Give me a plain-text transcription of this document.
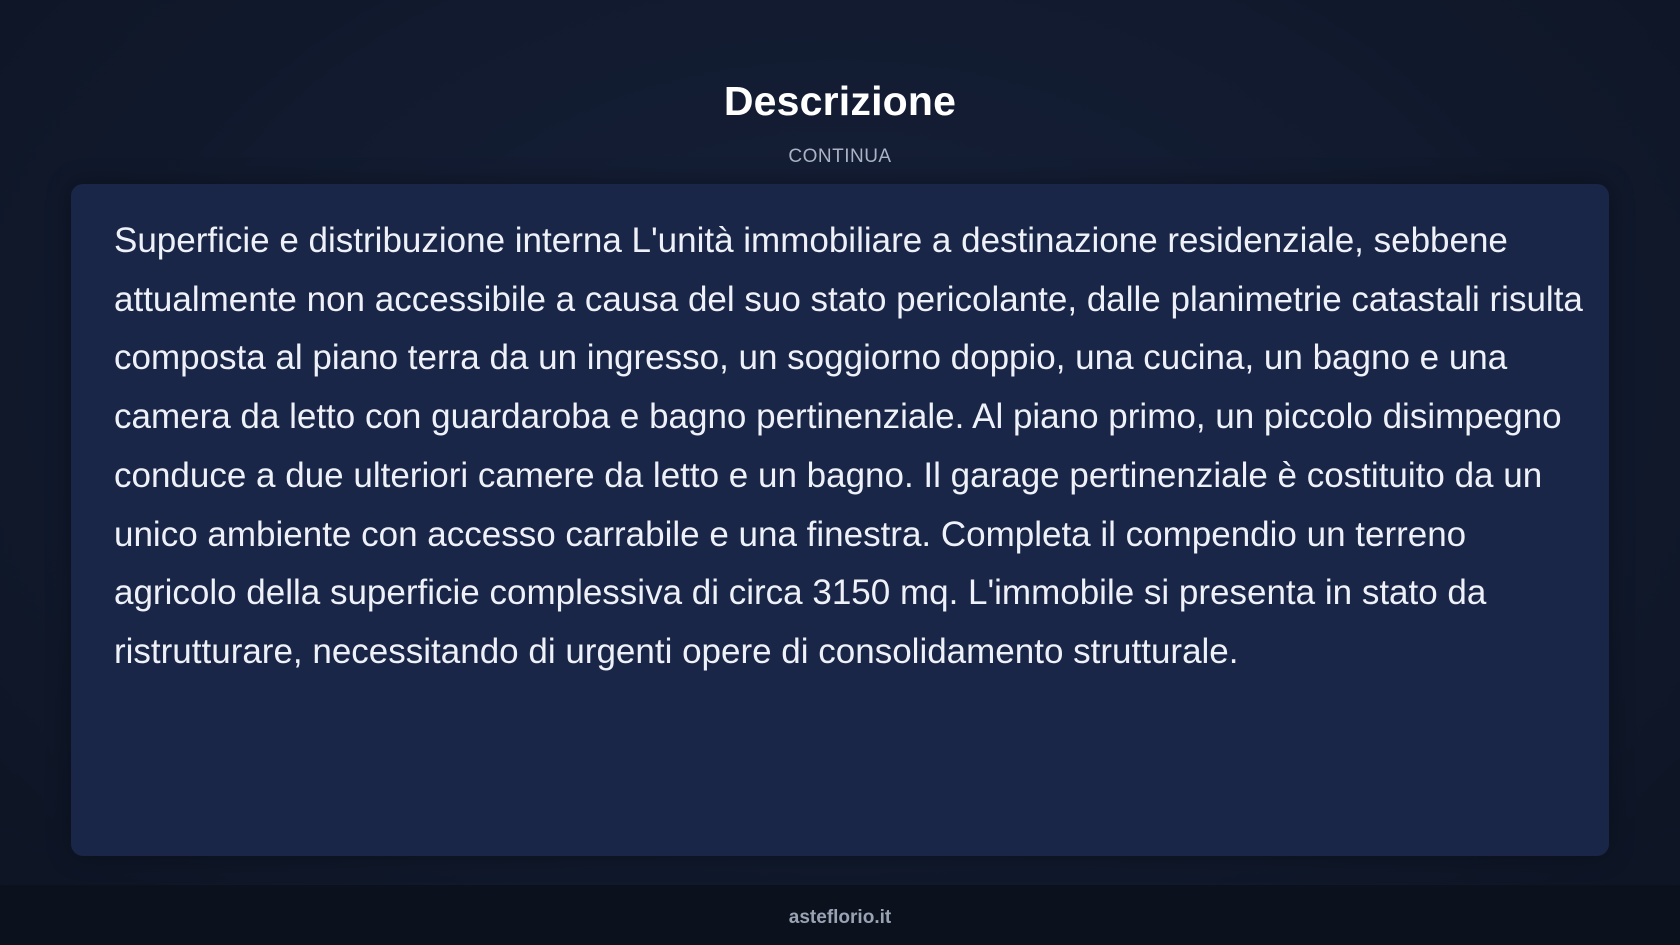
Descrizione
CONTINUA

Superficie e distribuzione interna L'unità immobiliare a destinazione residenziale, sebbene attualmente non accessibile a causa del suo stato pericolante, dalle planimetrie catastali risulta composta al piano terra da un ingresso, un soggiorno doppio, una cucina, un bagno e una camera da letto con guardaroba e bagno pertinenziale. Al piano primo, un piccolo disimpegno conduce a due ulteriori camere da letto e un bagno. Il garage pertinenziale è costituito da un unico ambiente con accesso carrabile e una finestra. Completa il compendio un terreno agricolo della superficie complessiva di circa 3150 mq. L'immobile si presenta in stato da ristrutturare, necessitando di urgenti opere di consolidamento strutturale.

asteflorio.it
